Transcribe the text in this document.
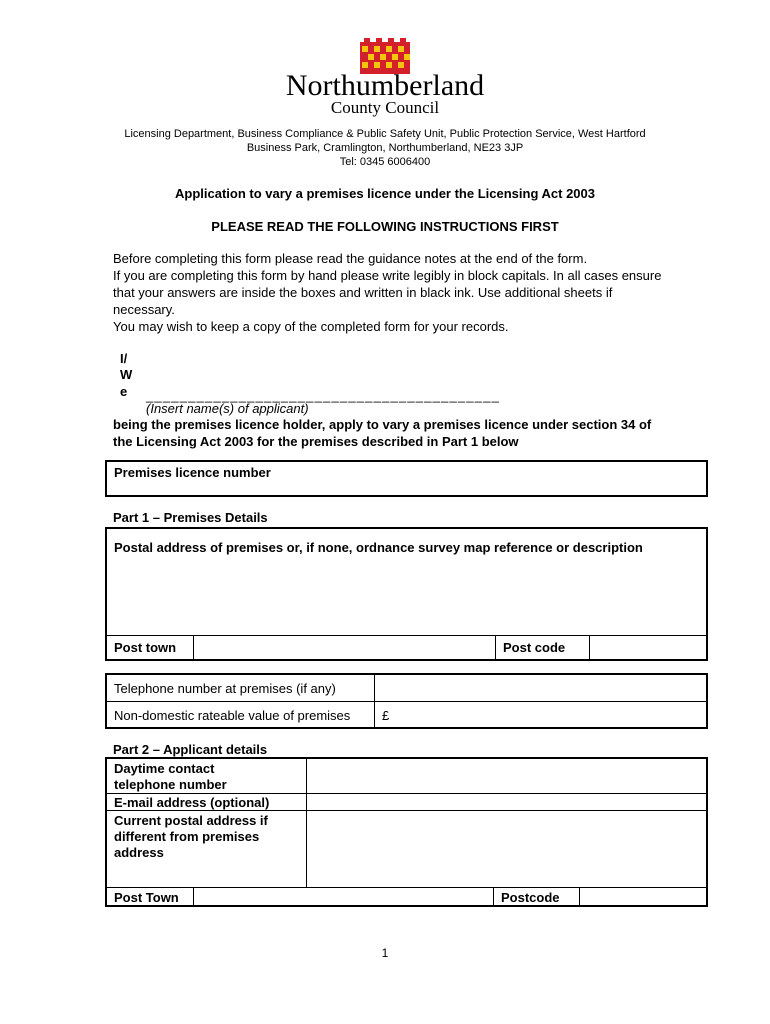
Northumberland
County Council
Licensing Department, Business Compliance & Public Safety Unit, Public Protection Service, West Hartford
Business Park, Cramlington, Northumberland, NE23 3JP
Tel: 0345 6006400
Application to vary a premises licence under the Licensing Act 2003
PLEASE READ THE FOLLOWING INSTRUCTIONS FIRST

Before completing this form please read the guidance notes at the end of the form.

If you are completing this form by hand please write legibly in block capitals. In all cases ensure that your answers are inside the boxes and written in black ink. Use additional sheets if necessary.

You may wish to keep a copy of the completed form for your records.

I/
W
e __________________________________________
(Insert name(s) of applicant)
being the premises licence holder, apply to vary a premises licence under section 34 of the Licensing Act 2003 for the premises described in Part 1 below
Premises licence number
Part 1 – Premises Details
Postal address of premises or, if none, ordnance survey map reference or description
Post town	Post code
Telephone number at premises (if any)
Non-domestic rateable value of premises £
Part 2 – Applicant details
Daytime contact
telephone number
E-mail address (optional)
Current postal address if
different from premises
address
Post Town	Postcode
1
